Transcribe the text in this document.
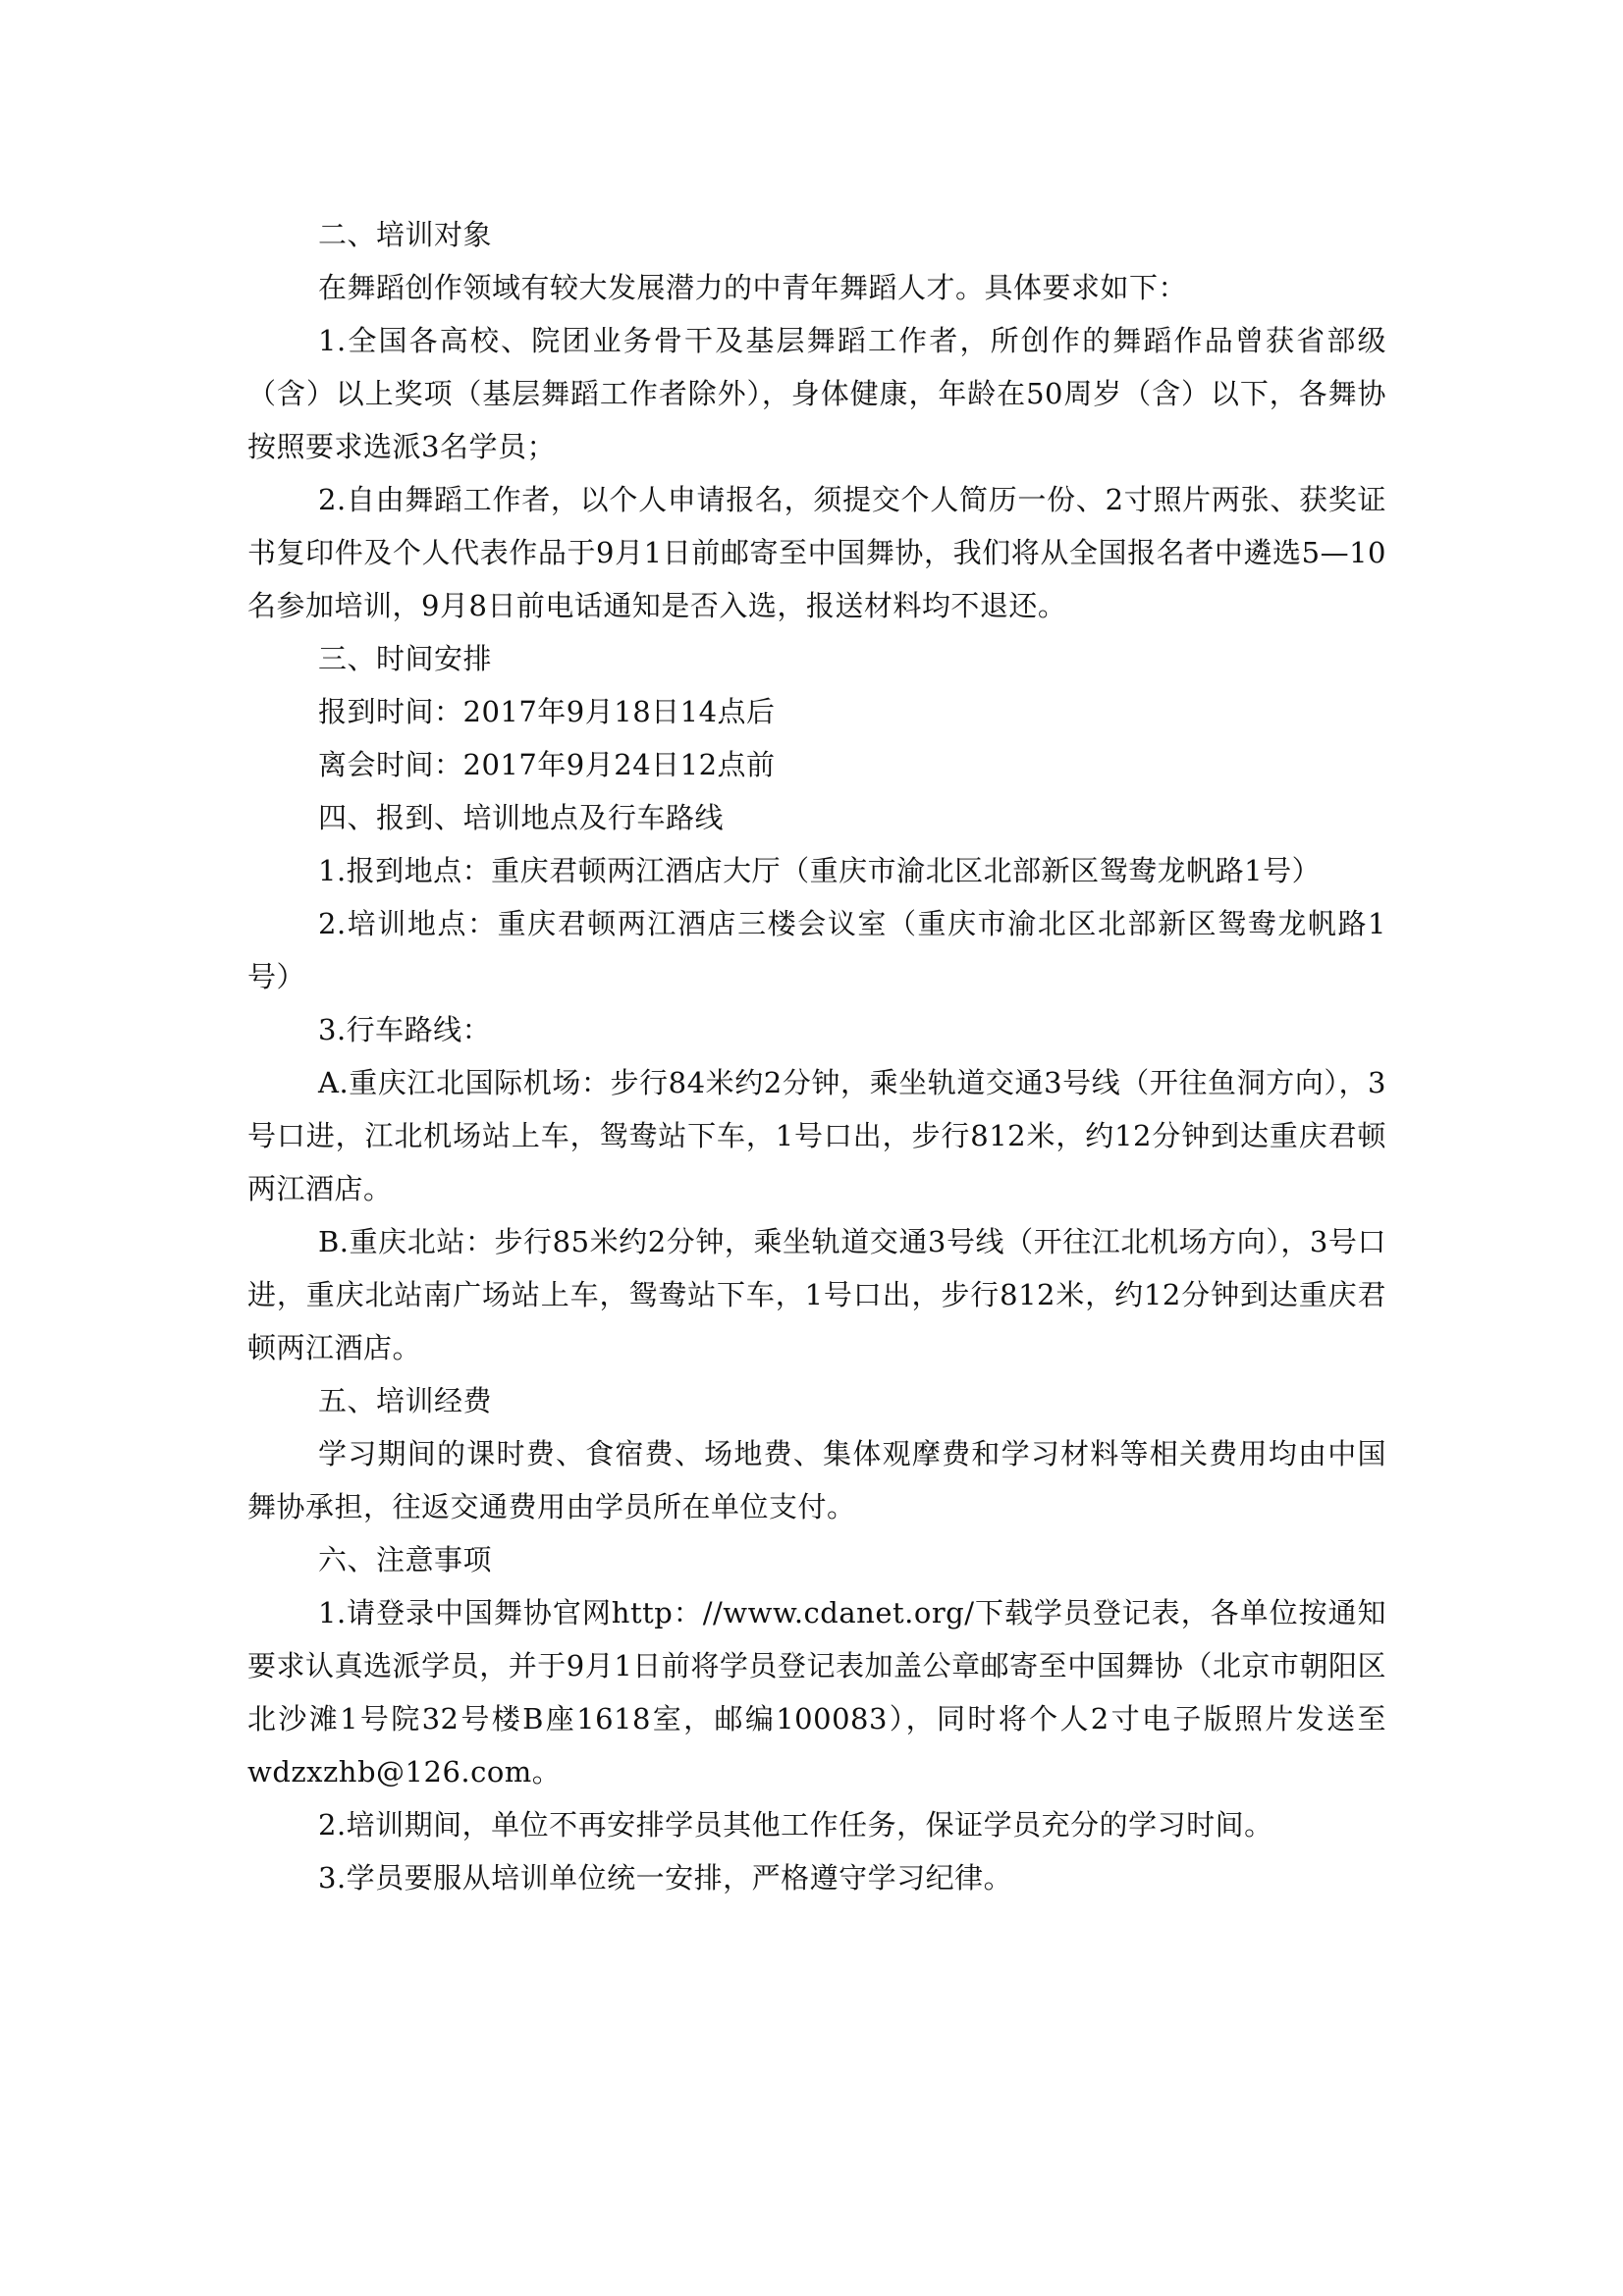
二、培训对象

在舞蹈创作领域有较大发展潜力的中青年舞蹈人才。具体要求如下：

1.全国各高校、院团业务骨干及基层舞蹈工作者，所创作的舞蹈作品曾获省部级（含）以上奖项（基层舞蹈工作者除外），身体健康，年龄在50周岁（含）以下，各舞协按照要求选派3名学员；

2.自由舞蹈工作者，以个人申请报名，须提交个人简历一份、2寸照片两张、获奖证书复印件及个人代表作品于9月1日前邮寄至中国舞协，我们将从全国报名者中遴选5—10名参加培训，9月8日前电话通知是否入选，报送材料均不退还。

三、时间安排

报到时间：2017年9月18日14点后

离会时间：2017年9月24日12点前

四、报到、培训地点及行车路线

1.报到地点：重庆君顿两江酒店大厅（重庆市渝北区北部新区鸳鸯龙帆路1号）

2.培训地点：重庆君顿两江酒店三楼会议室（重庆市渝北区北部新区鸳鸯龙帆路1号）

3.行车路线：

A.重庆江北国际机场：步行84米约2分钟，乘坐轨道交通3号线（开往鱼洞方向），3号口进，江北机场站上车，鸳鸯站下车，1号口出，步行812米，约12分钟到达重庆君顿两江酒店。

B.重庆北站：步行85米约2分钟，乘坐轨道交通3号线（开往江北机场方向），3号口进，重庆北站南广场站上车，鸳鸯站下车，1号口出，步行812米，约12分钟到达重庆君顿两江酒店。

五、培训经费

学习期间的课时费、食宿费、场地费、集体观摩费和学习材料等相关费用均由中国舞协承担，往返交通费用由学员所在单位支付。

六、注意事项

1.请登录中国舞协官网http：//www.cdanet.org/下载学员登记表，各单位按通知要求认真选派学员，并于9月1日前将学员登记表加盖公章邮寄至中国舞协（北京市朝阳区北沙滩1号院32号楼B座1618室，邮编100083），同时将个人2寸电子版照片发送至wdzxzhb@126.com。

2.培训期间，单位不再安排学员其他工作任务，保证学员充分的学习时间。

3.学员要服从培训单位统一安排，严格遵守学习纪律。
